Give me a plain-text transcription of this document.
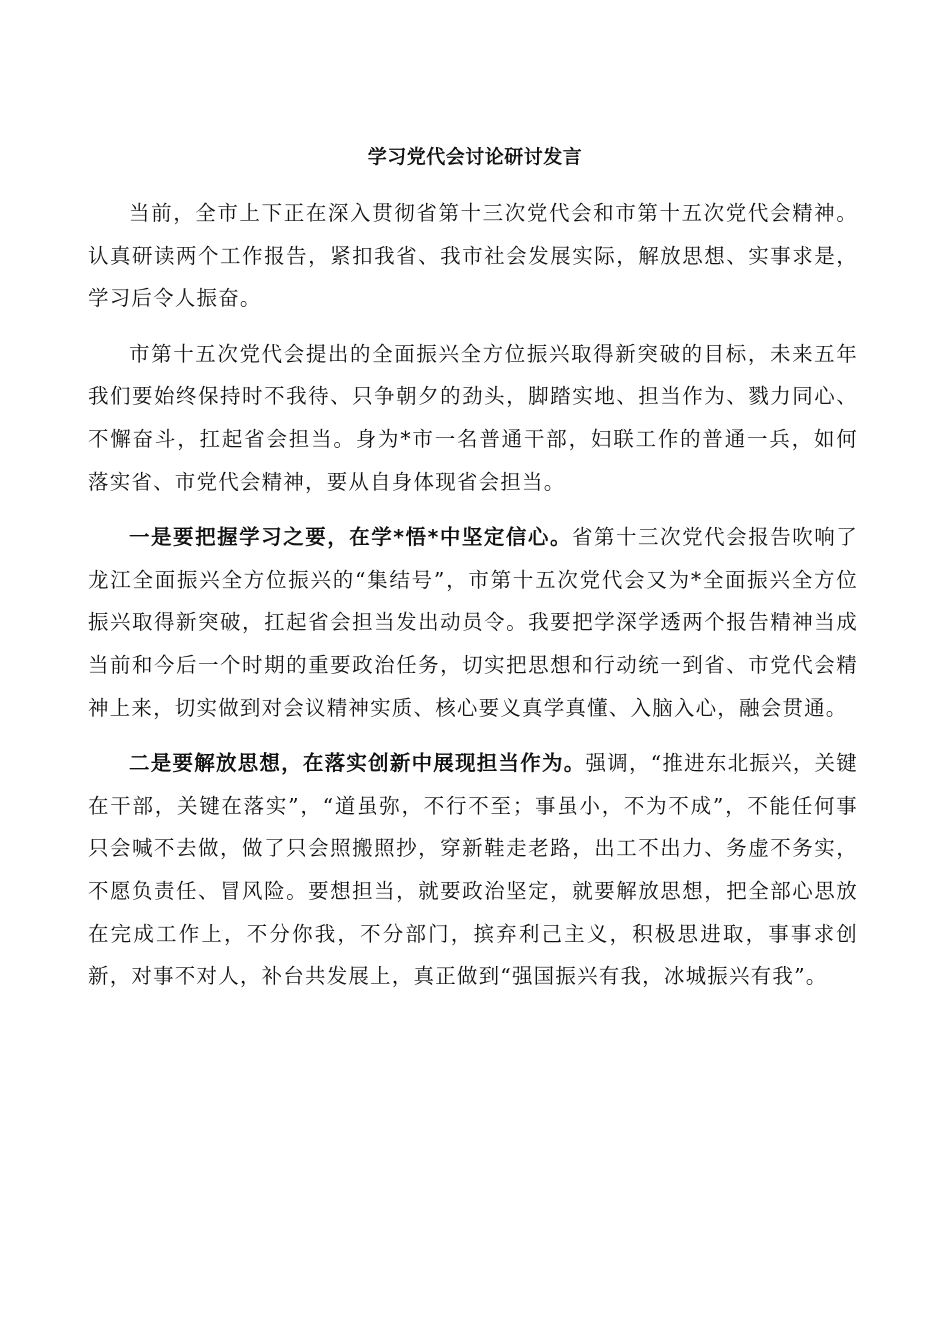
学习党代会讨论研讨发言

当前，全市上下正在深入贯彻省第十三次党代会和市第十五次党代会精神。认真研读两个工作报告，紧扣我省、我市社会发展实际，解放思想、实事求是，学习后令人振奋。

市第十五次党代会提出的全面振兴全方位振兴取得新突破的目标，未来五年我们要始终保持时不我待、只争朝夕的劲头，脚踏实地、担当作为、戮力同心、不懈奋斗，扛起省会担当。身为*市一名普通干部，妇联工作的普通一兵，如何落实省、市党代会精神，要从自身体现省会担当。

一是要把握学习之要，在学*悟*中坚定信心。省第十三次党代会报告吹响了龙江全面振兴全方位振兴的“集结号”，市第十五次党代会又为*全面振兴全方位振兴取得新突破，扛起省会担当发出动员令。我要把学深学透两个报告精神当成当前和今后一个时期的重要政治任务，切实把思想和行动统一到省、市党代会精神上来，切实做到对会议精神实质、核心要义真学真懂、入脑入心，融会贯通。

二是要解放思想，在落实创新中展现担当作为。强调，“推进东北振兴，关键在干部，关键在落实”，“道虽弥，不行不至；事虽小，不为不成”，不能任何事只会喊不去做，做了只会照搬照抄，穿新鞋走老路，出工不出力、务虚不务实，不愿负责任、冒风险。要想担当，就要政治坚定，就要解放思想，把全部心思放在完成工作上，不分你我，不分部门，摈弃利己主义，积极思进取，事事求创新，对事不对人，补台共发展上，真正做到“强国振兴有我，冰城振兴有我”。
